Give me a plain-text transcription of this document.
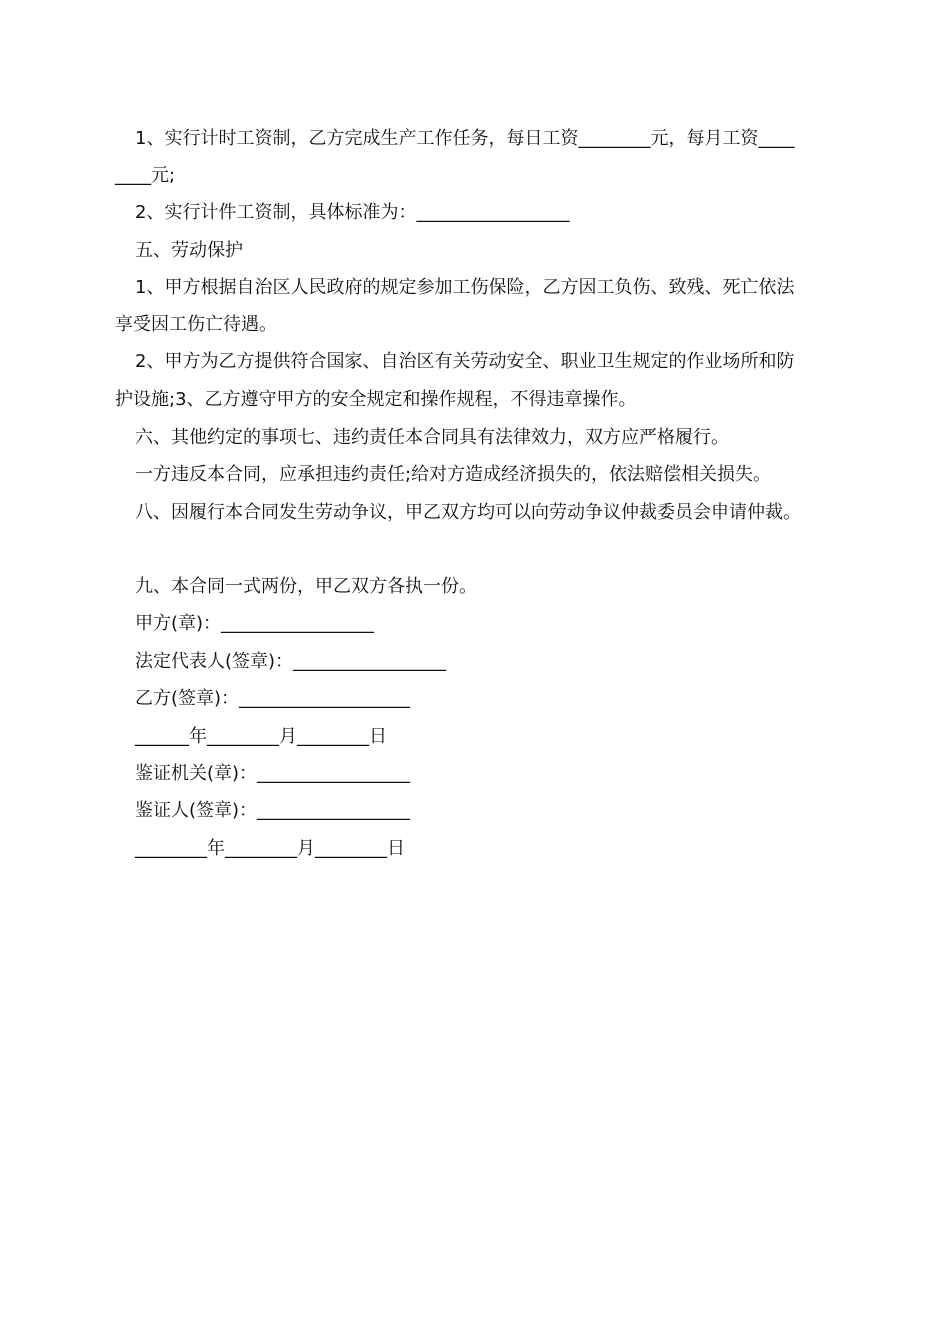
1、实行计时工资制，乙方完成生产工作任务，每日工资________元，每月工资____
____元;
2、实行计件工资制，具体标准为：_________________
五、劳动保护
1、甲方根据自治区人民政府的规定参加工伤保险，乙方因工负伤、致残、死亡依法
享受因工伤亡待遇。
2、甲方为乙方提供符合国家、自治区有关劳动安全、职业卫生规定的作业场所和防
护设施;3、乙方遵守甲方的安全规定和操作规程，不得违章操作。
六、其他约定的事项七、违约责任本合同具有法律效力，双方应严格履行。
一方违反本合同，应承担违约责任;给对方造成经济损失的，依法赔偿相关损失。
八、因履行本合同发生劳动争议，甲乙双方均可以向劳动争议仲裁委员会申请仲裁。
九、本合同一式两份，甲乙双方各执一份。
甲方(章)：_________________
法定代表人(签章)：_________________
乙方(签章)：___________________
______年________月________日
鉴证机关(章)：_________________
鉴证人(签章)：_________________
________年________月________日
